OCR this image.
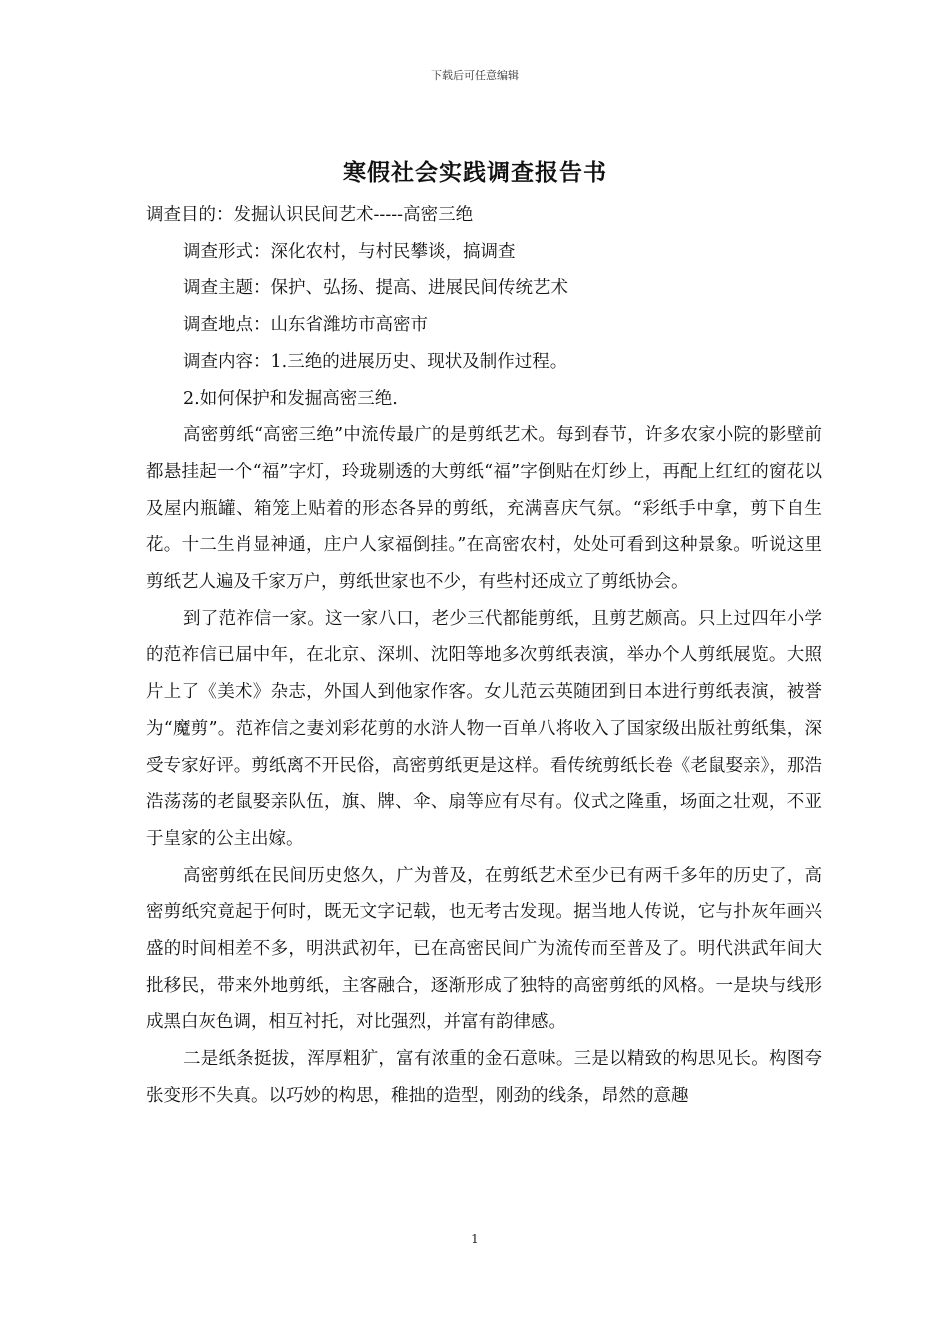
下载后可任意编辑
寒假社会实践调查报告书

调查目的：发掘认识民间艺术-----高密三绝

调查形式：深化农村，与村民攀谈，搞调查

调查主题：保护、弘扬、提高、进展民间传统艺术

调查地点：山东省潍坊市高密市

调查内容：1.三绝的进展历史、现状及制作过程。

2.如何保护和发掘高密三绝.

高密剪纸“高密三绝”中流传最广的是剪纸艺术。每到春节，许多农家小院的影壁前都悬挂起一个“福”字灯，玲珑剔透的大剪纸“福”字倒贴在灯纱上，再配上红红的窗花以及屋内瓶罐、箱笼上贴着的形态各异的剪纸，充满喜庆气氛。“彩纸手中拿，剪下自生花。十二生肖显神通，庄户人家福倒挂。”在高密农村，处处可看到这种景象。听说这里剪纸艺人遍及千家万户，剪纸世家也不少，有些村还成立了剪纸协会。

到了范祚信一家。这一家八口，老少三代都能剪纸，且剪艺颇高。只上过四年小学的范祚信已届中年，在北京、深圳、沈阳等地多次剪纸表演，举办个人剪纸展览。大照片上了《美术》杂志，外国人到他家作客。女儿范云英随团到日本进行剪纸表演，被誉为“魔剪”。范祚信之妻刘彩花剪的水浒人物一百单八将收入了国家级出版社剪纸集，深受专家好评。剪纸离不开民俗，高密剪纸更是这样。看传统剪纸长卷《老鼠娶亲》，那浩浩荡荡的老鼠娶亲队伍，旗、牌、伞、扇等应有尽有。仪式之隆重，场面之壮观，不亚于皇家的公主出嫁。

高密剪纸在民间历史悠久，广为普及，在剪纸艺术至少已有两千多年的历史了，高密剪纸究竟起于何时，既无文字记载，也无考古发现。据当地人传说，它与扑灰年画兴盛的时间相差不多，明洪武初年，已在高密民间广为流传而至普及了。明代洪武年间大批移民，带来外地剪纸，主客融合，逐渐形成了独特的高密剪纸的风格。一是块与线形成黑白灰色调，相互衬托，对比强烈，并富有韵律感。

二是纸条挺拔，浑厚粗犷，富有浓重的金石意味。三是以精致的构思见长。构图夸张变形不失真。以巧妙的构思，稚拙的造型，刚劲的线条，昂然的意趣

1
